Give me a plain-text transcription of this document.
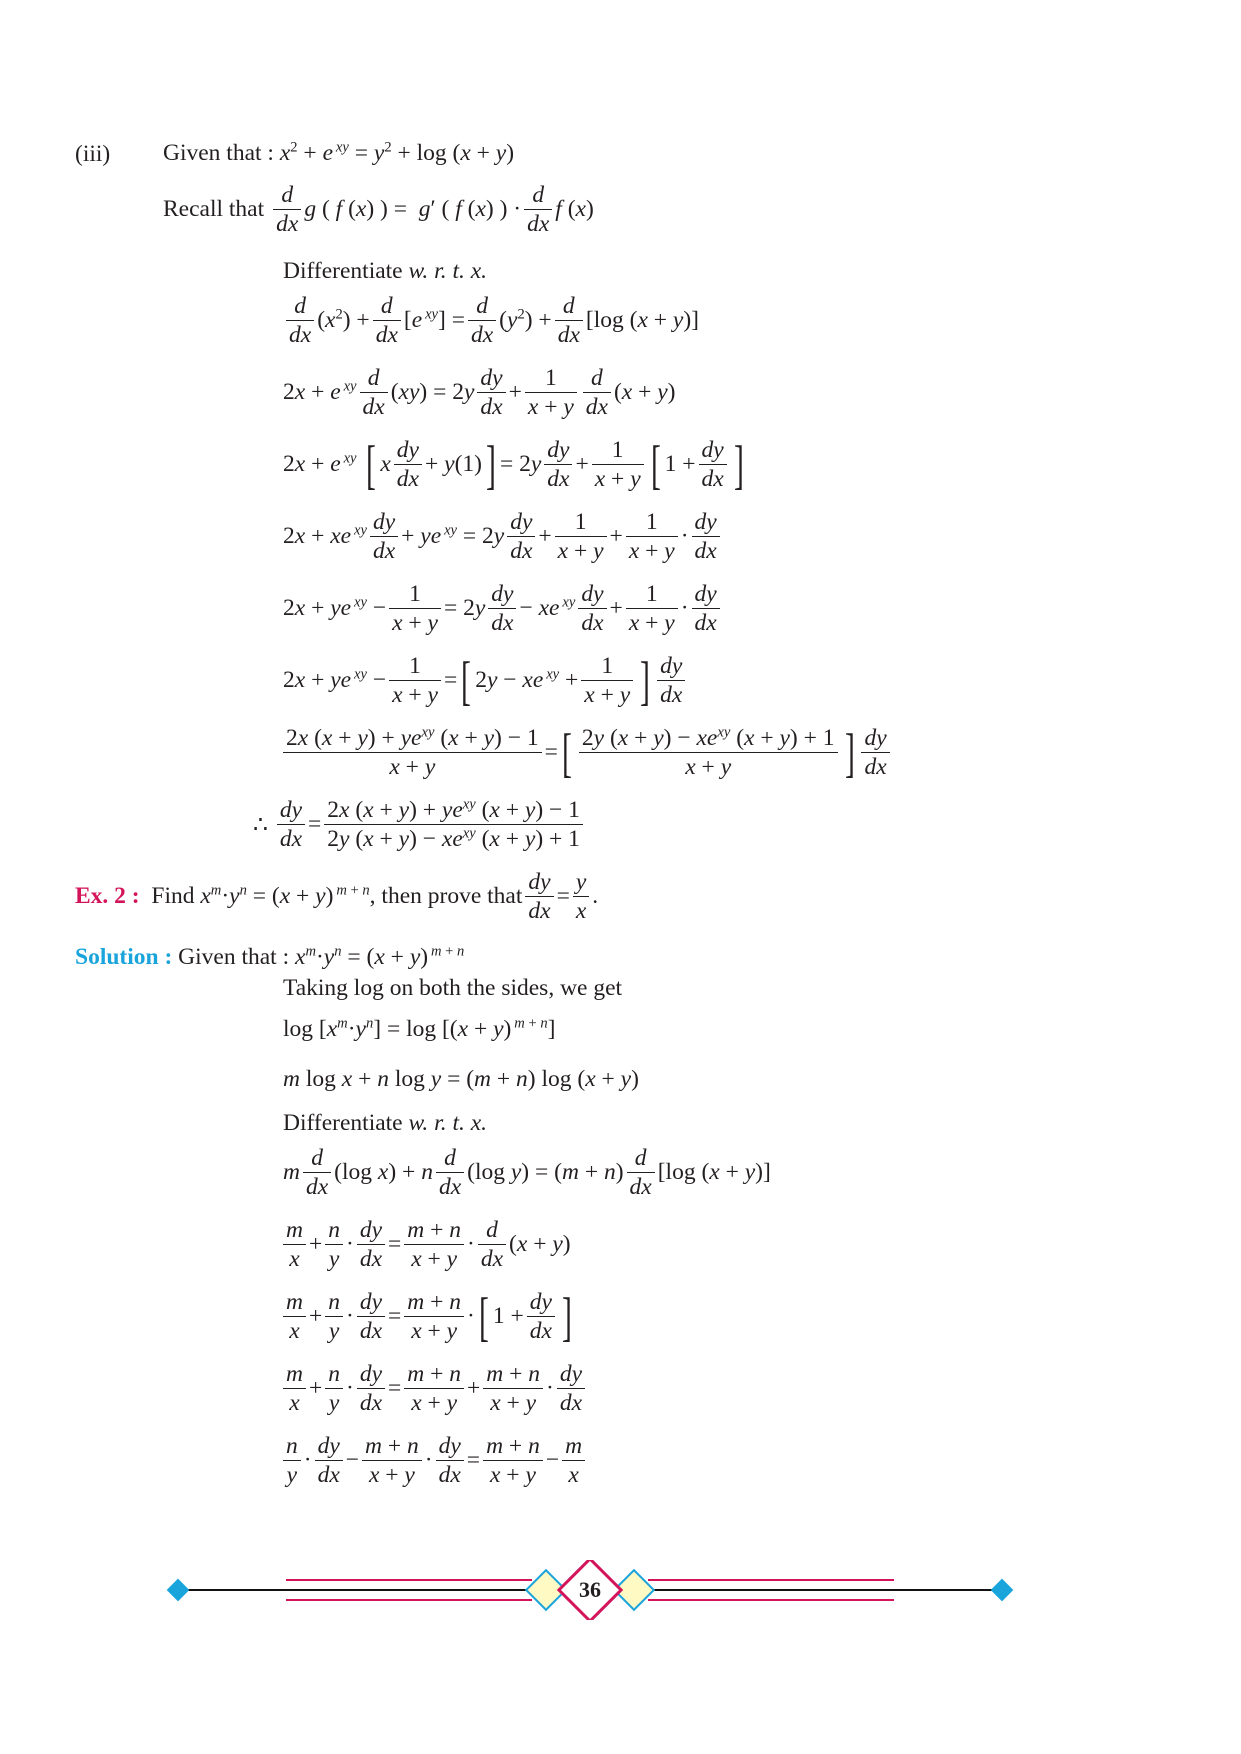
(iii) Given that : $x^2 + e$  $^{xy} = y^2 + \log (x + y)$
Recall that $\frac{d}{dx}$ g ( f (x) ) =  g′ ( f (x) ) · $\frac{d}{dx}$ f (x)
Differentiate
w. r. t. x.
$\frac{d}{dx} (x^2) + \frac{d}{dx} [e$  $^{xy}] = \frac{d}{dx} (y^2) + \frac{d}{dx} [\log$ (x + y)]
2x + e  $^{xy} \frac{d}{dx} (xy) = 2y \frac{dy}{dx} + \frac{1}{x + y} \frac{d}{dx} (x + y)$
2x + e  $^{xy}$ [ x $\frac{dy}{dx} + y(1)$ ] = $2y \frac{dy}{dx} + \frac{1}{x + y}$ [ $1 + \frac{dy}{dx}$ ]
2x + xe  $^{xy} \frac{dy}{dx}$ + ye  $^{xy} = 2y \frac{dy}{dx} + \frac{1}{x + y} + \frac{1}{x + y} \cdot \frac{dy}{dx}$
2x + ye  $^{xy} - \frac{1}{x + y} = 2y \frac{dy}{dx}$ − xe  $^{xy} \frac{dy}{dx} + \frac{1}{x + y} \cdot \frac{dy}{dx}$
2x + ye  $^{xy} - \frac{1}{x + y}$ = [ 2y − xe  $^{xy} + \frac{1}{x + y}$ ] $\frac{dy}{dx}$
$\frac{2x (x + y) + ye^{xy} (x + y) - 1}{x + y}$ = [ $\frac{2y (x + y) - xe^{xy} (x + y) + 1}{x + y}$ ] $\frac{dy}{dx}$
∴ $\frac{dy}{dx} = \frac{2x (x + y) + ye^{xy} (x + y) - 1}{2y (x + y) - xe^{xy} (x + y) + 1}$
Ex. 2 :
Find $x^m\cdot y^n = (x + y)$  $^{m + n}$ , then prove that $\frac{dy}{dx} = \frac{y}{x}$ .
Solution :
Given that : $x^m\cdot y^n = (x + y)$  $^{m + n}$
Taking log on both the sides, we get
$\log [x^m\cdot y^n] = \log [(x + y)$  $^{m + n}$]
m log x + n log y = (m + n) log (x + y)
Differentiate
w. r. t. x.
m $\frac{d}{dx} (\log$ x) + n $\frac{d}{dx} (\log$ $y) = (m + n) \frac{d}{dx} [\log$ (x + y)]
$\frac{m}{x} + \frac{n}{y} \cdot \frac{dy}{dx} = \frac{m + n}{x + y} \cdot \frac{d}{dx} (x + y)$
$\frac{m}{x} + \frac{n}{y} \cdot \frac{dy}{dx} = \frac{m + n}{x + y}$ · [ $1 + \frac{dy}{dx}$ ]
$\frac{m}{x} + \frac{n}{y} \cdot \frac{dy}{dx} = \frac{m + n}{x + y} + \frac{m + n}{x + y} \cdot \frac{dy}{dx}$
$\frac{n}{y} \cdot \frac{dy}{dx} - \frac{m + n}{x + y} \cdot \frac{dy}{dx} = \frac{m + n}{x + y} - \frac{m}{x}$
36
